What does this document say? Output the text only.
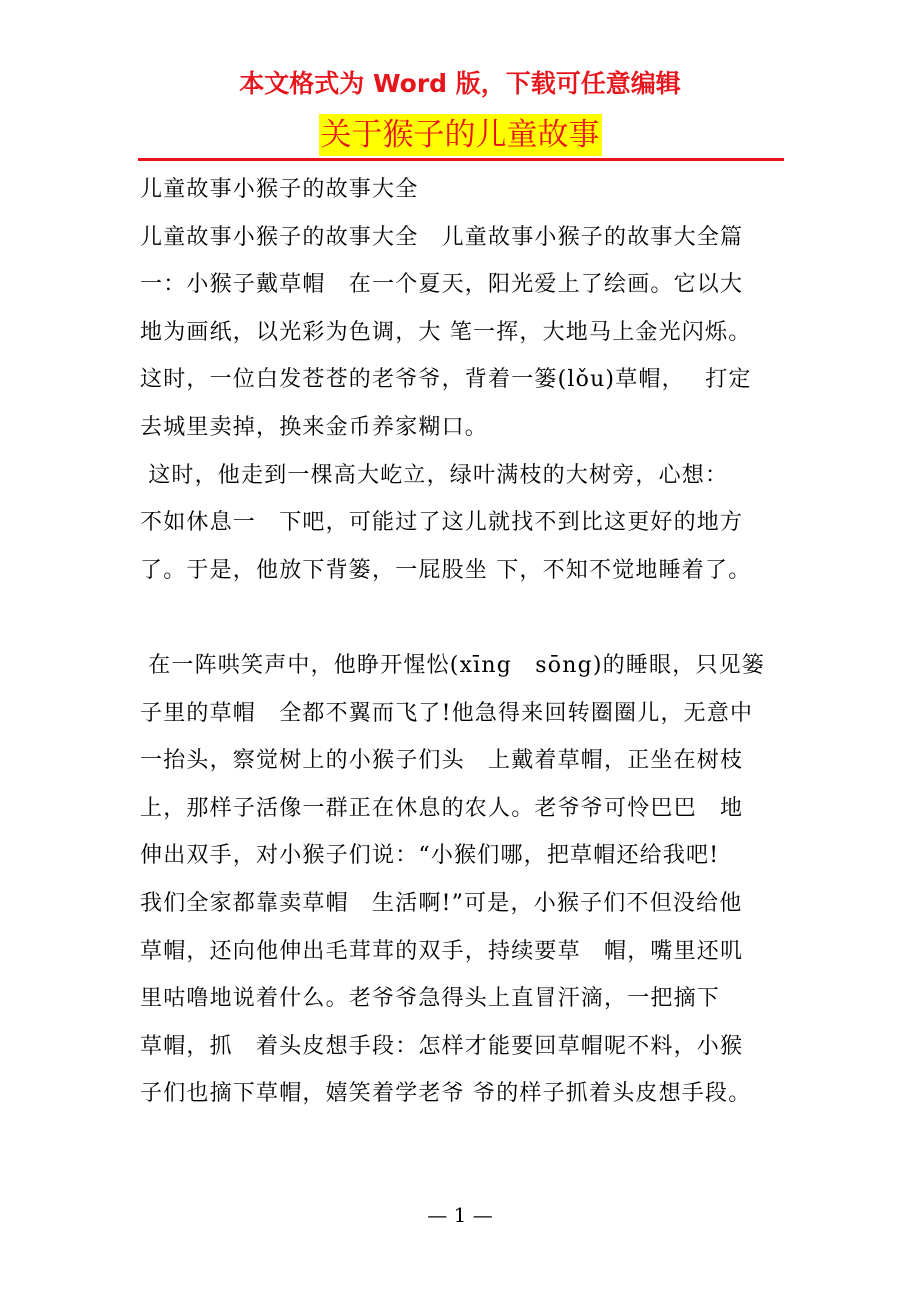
本文格式为 Word 版，下载可任意编辑
关于猴子的儿童故事
儿童故事小猴子的故事大全
儿童故事小猴子的故事大全　儿童故事小猴子的故事大全篇
一：小猴子戴草帽　在一个夏天，阳光爱上了绘画。它以大
地为画纸，以光彩为色调，大 笔一挥，大地马上金光闪烁。
这时，一位白发苍苍的老爷爷，背着一篓(lǒu)草帽，　 打定
去城里卖掉，换来金币养家糊口。
这时，他走到一棵高大屹立，绿叶满枝的大树旁，心想：
不如休息一　下吧，可能过了这儿就找不到比这更好的地方
了。于是，他放下背篓，一屁股坐 下，不知不觉地睡着了。
在一阵哄笑声中，他睁开惺忪(xīng　sōng)的睡眼，只见篓
子里的草帽　全都不翼而飞了!他急得来回转圈圈儿，无意中
一抬头，察觉树上的小猴子们头　上戴着草帽，正坐在树枝
上，那样子活像一群正在休息的农人。老爷爷可怜巴巴　地
伸出双手，对小猴子们说：“小猴们哪，把草帽还给我吧!
我们全家都靠卖草帽　生活啊!”可是，小猴子们不但没给他
草帽，还向他伸出毛茸茸的双手，持续要草　帽，嘴里还叽
里咕噜地说着什么。老爷爷急得头上直冒汗滴，一把摘下
草帽，抓　着头皮想手段：怎样才能要回草帽呢不料，小猴
子们也摘下草帽，嬉笑着学老爷 爷的样子抓着头皮想手段。
— 1 —
